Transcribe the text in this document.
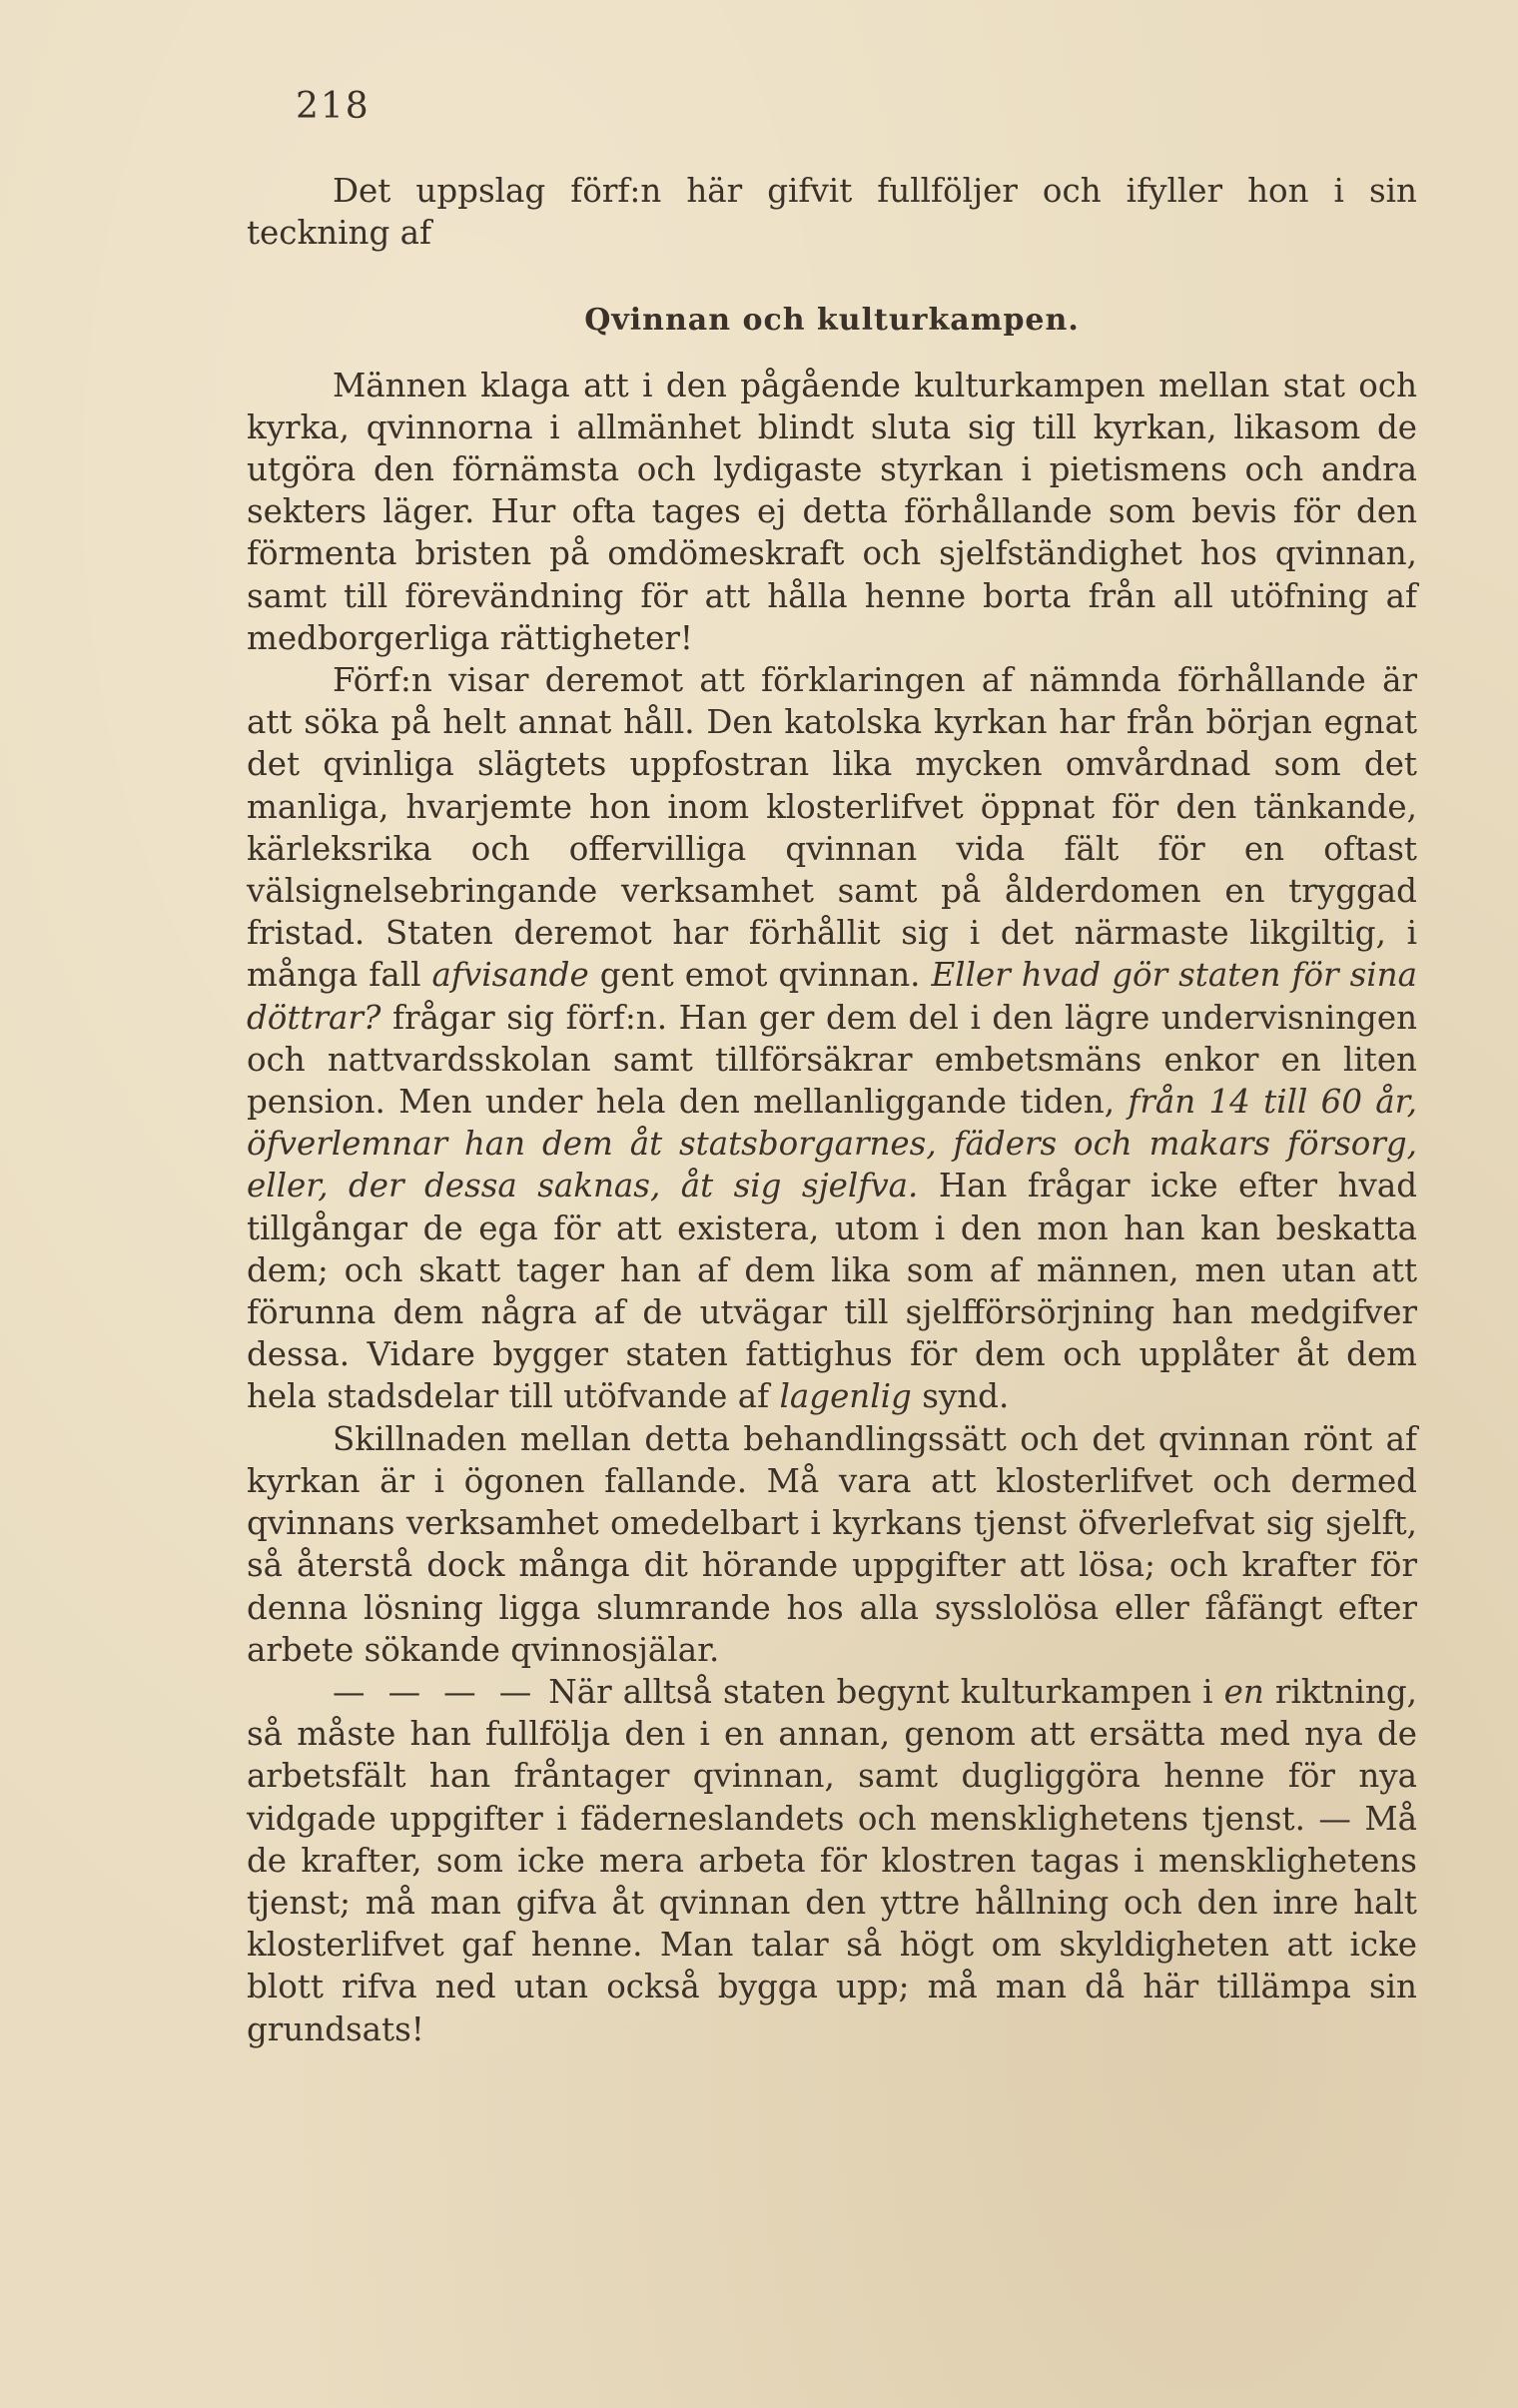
218

Det uppslag förf:n här gifvit fullföljer och ifyller hon i sin teckning af

Qvinnan och kulturkampen.

Männen klaga att i den pågående kulturkampen mellan stat och kyrka, qvinnorna i allmänhet blindt sluta sig till kyrkan, likasom de utgöra den förnämsta och lydigaste styrkan i pietismens och andra sekters läger. Hur ofta tages ej detta förhållande som bevis för den förmenta bristen på omdömeskraft och sjelfständighet hos qvinnan, samt till förevändning för att hålla henne borta från all utöfning af medborgerliga rättigheter!

Förf:n visar deremot att förklaringen af nämnda förhållande är att söka på helt annat håll. Den katolska kyrkan har från början egnat det qvinliga slägtets uppfostran lika mycken omvårdnad som det manliga, hvarjemte hon inom klosterlifvet öppnat för den tänkande, kärleksrika och offervilliga qvinnan vida fält för en oftast välsignelsebringande verksamhet samt på ålderdomen en tryggad fristad. Staten deremot har förhållit sig i det närmaste likgiltig, i många fall afvisande gent emot qvinnan. Eller hvad gör staten för sina döttrar? frågar sig förf:n. Han ger dem del i den lägre undervisningen och nattvardsskolan samt tillförsäkrar embetsmäns enkor en liten pension. Men under hela den mellanliggande tiden, från 14 till 60 år, öfverlemnar han dem åt statsborgarnes, fäders och makars försorg, eller, der dessa saknas, åt sig sjelfva. Han frågar icke efter hvad tillgångar de ega för att existera, utom i den mon han kan beskatta dem; och skatt tager han af dem lika som af männen, men utan att förunna dem några af de utvägar till sjelfförsörjning han medgifver dessa. Vidare bygger staten fattighus för dem och upplåter åt dem hela stadsdelar till utöfvande af lagenlig synd.

Skillnaden mellan detta behandlingssätt och det qvinnan rönt af kyrkan är i ögonen fallande. Må vara att klosterlifvet och dermed qvinnans verksamhet omedelbart i kyrkans tjenst öfverlefvat sig sjelft, så återstå dock många dit hörande uppgifter att lösa; och krafter för denna lösning ligga slumrande hos alla sysslolösa eller fåfängt efter arbete sökande qvinnosjälar.

— — — — När alltså staten begynt kulturkampen i en riktning, så måste han fullfölja den i en annan, genom att ersätta med nya de arbetsfält han fråntager qvinnan, samt dugliggöra henne för nya vidgade uppgifter i fäderneslandets och mensklighetens tjenst. — Må de krafter, som icke mera arbeta för klostren tagas i mensklighetens tjenst; må man gifva åt qvinnan den yttre hållning och den inre halt klosterlifvet gaf henne. Man talar så högt om skyldigheten att icke blott rifva ned utan också bygga upp; må man då här tillämpa sin grundsats!
